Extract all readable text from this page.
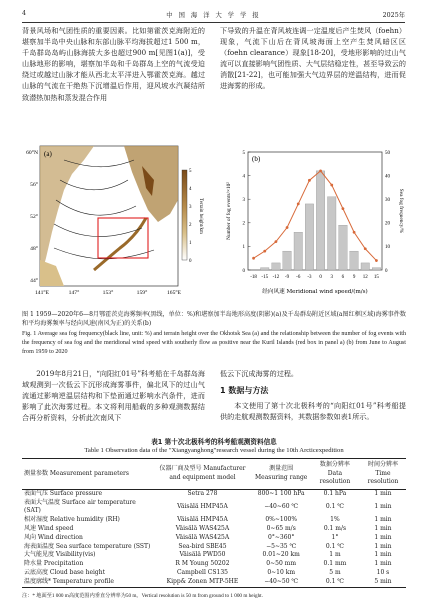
4	中 国 海 洋 大 学 学 报	2025年

背景风场和气团性质的重要因素。比如第霍茨克海附近的堪察加半岛中央山脉和东部山脉平均海拔超过1 500 m，千岛群岛岛屿山脉海拔大多也超过900 m[见图1(a)]，受山脉地形的影响，堪察加半岛和千岛群岛上空的气流受迫绕过或越过山脉才能从西北太平洋进入鄂霍茨克海。越过山脉的气流在干绝热下沉增温后作用，迎风坡水汽凝结所致潜热加热和蒸发混合作用

下导致的升温在背风坡连调一定温度后产生焚风（foehn）现象，气流下山后在背风坡海面上空产生焚风暗区区（foehn clearance）现象[18-20]，受地形影响的过山气流可以直接影响气团性质、大气层结稳定性，甚至导致云的消散[21-22]，也可能加强大气边界层的逆温结构，进而促进海雾的形成。

(a)
141°E	147°	153°	159°	165°E
60°N
56°
52°
48°
44°
5
4
3
2
1
0
Terrain height/km
(b)
Number of fog events/×10²	Sea fog frequency/%
经向风速 Meridional wind speed/(m/s)
-18 -15 -12 -9 -6 -3 0 3 6 9 12 15
0
1
2
3
4
5
0
10
20
30
40
50
图 1 1959—2020年6—8月鄂霍茨克海雾频率(黑线，单位：%)和堪察加半岛地形高度(阴影)(a)及千岛群岛附近区域(a图红框区域)海雾事件数和平均海雾频率与经向风速(南风为正)的关系(b)
Fig. 1 Average sea fog frequency(black line, unit: %) and terrain height over the Okhotsk Sea (a) and the relationship between the number of fog events with the frequency of sea fog and the meridional wind speed with southerly flow as positive near the Kuril Islands (red box in panel a) (b) from June to August from 1959 to 2020

2019年8月21日，“向阳红01号”科考船在千岛群岛海域观测到一次低云下沉形成海雾事件，偏北风下的过山气流通过影响逆温层结构和下垫面通过影响水汽条件，进而影响了此次海雾过程。本文将利用船载的多种观测数据结合再分析资料，分析此次南风下

低云下沉成海雾的过程。

1 数据与方法

本文使用了第十次北极科考的“向阳红01号”科考船提供的走航观测数据资料，其数据参数如表1所示。

表1 第十次北极科考的科考船观测资料信息
Table 1 Observation data of the "Xiangyanghong"research vessel during the 10th Arcticexpedition
测量参数 Measurement parameters	仪器厂商及型号 Manufacturer and equipment model	测量范围 Measuring range	数据分辨率 Data resolution	时间分辨率 Time resolution
表面气压 Surface pressure	Setra 278	800~1 100 hPa	0.1 hPa	1 min
表面大气温度 Surface air temperature (SAT)	Väisälä HMP45A	−40~60 ℃	0.1 ℃	1 min
相对湿度 Relative humidity (RH)	Väisälä HMP45A	0%~100%	1%	1 min
风速 Wind speed	Väisälä WAS425A	0~65 m/s	0.1 m/s	1 min
风向 Wind direction	Väisälä WAS425A	0°~360°	1°	1 min
海表面温度 Sea surface temperature (SST)	Sea-bird SBE45	−5~35 ℃	0.1 ℃	1 min
大气能见度 Visibility(vis)	Väisälä PWD50	0.01~20 km	1 m	1 min
降水量 Precipitation	R M Young 50202	0~50 mm	0.1 mm	1 min
云底高度 Cloud base height	Campbell CS135	0~10 km	5 m	10 s
温度廓线* Temperature profile	Kipp& Zonen MTP-5HE	−40~50 ℃	0.1 ℃	5 min
注：* 地面至1 000 m高度范围内垂直分辨率为50 m。Vertical resolution is 50 m from ground to 1 000 m height.
